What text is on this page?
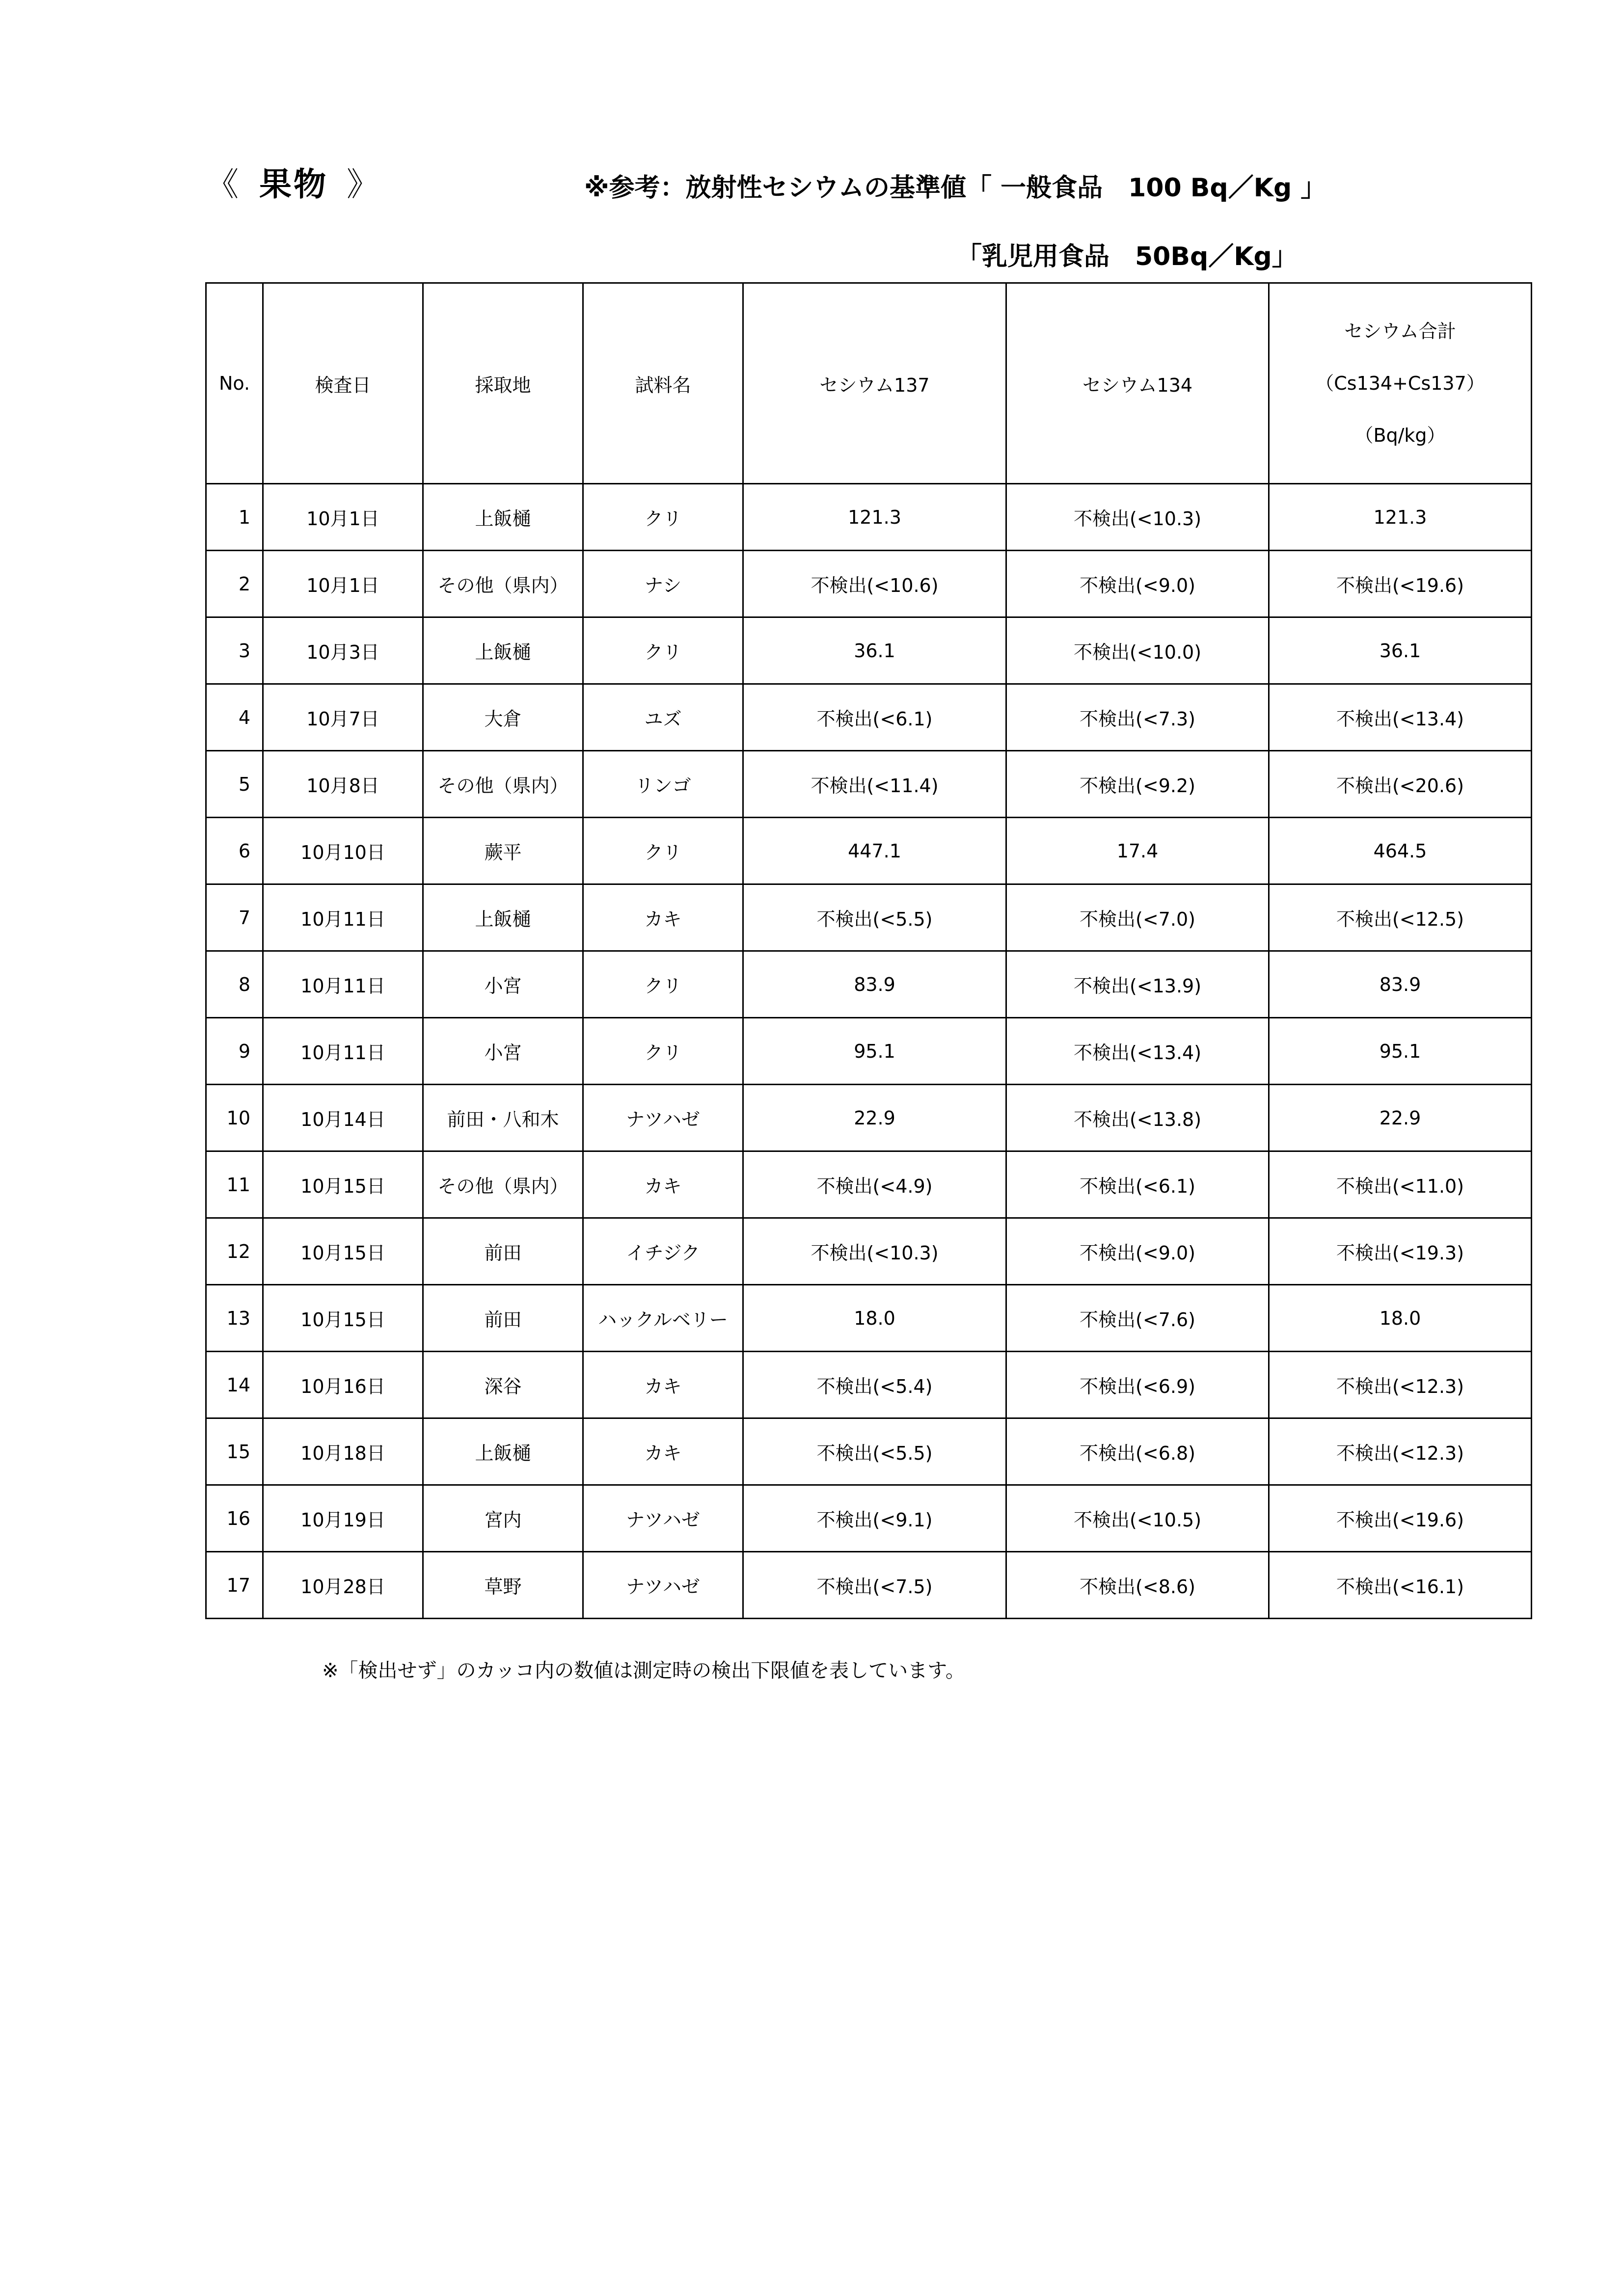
《 果物 》	※参考：放射性セシウムの基準値「 一般食品　100 Bq／Kg 」
「乳児用食品　50Bq／Kg」
No.	検査日	採取地	試料名	セシウム137	セシウム134	セシウム合計
（Cs134+Cs137）
（Bq/kg）

1	10月1日	上飯樋	クリ	121.3	不検出(<10.3)	121.3
2	10月1日	その他（県内）	ナシ	不検出(<10.6)	不検出(<9.0)	不検出(<19.6)
3	10月3日	上飯樋	クリ	36.1	不検出(<10.0)	36.1
4	10月7日	大倉	ユズ	不検出(<6.1)	不検出(<7.3)	不検出(<13.4)
5	10月8日	その他（県内）	リンゴ	不検出(<11.4)	不検出(<9.2)	不検出(<20.6)
6	10月10日	蕨平	クリ	447.1	17.4	464.5
7	10月11日	上飯樋	カキ	不検出(<5.5)	不検出(<7.0)	不検出(<12.5)
8	10月11日	小宮	クリ	83.9	不検出(<13.9)	83.9
9	10月11日	小宮	クリ	95.1	不検出(<13.4)	95.1
10	10月14日	前田・八和木	ナツハゼ	22.9	不検出(<13.8)	22.9
11	10月15日	その他（県内）	カキ	不検出(<4.9)	不検出(<6.1)	不検出(<11.0)
12	10月15日	前田	イチジク	不検出(<10.3)	不検出(<9.0)	不検出(<19.3)
13	10月15日	前田	ハックルベリー	18.0	不検出(<7.6)	18.0
14	10月16日	深谷	カキ	不検出(<5.4)	不検出(<6.9)	不検出(<12.3)
15	10月18日	上飯樋	カキ	不検出(<5.5)	不検出(<6.8)	不検出(<12.3)
16	10月19日	宮内	ナツハゼ	不検出(<9.1)	不検出(<10.5)	不検出(<19.6)
17	10月28日	草野	ナツハゼ	不検出(<7.5)	不検出(<8.6)	不検出(<16.1)
※「検出せず」のカッコ内の数値は測定時の検出下限値を表しています。
